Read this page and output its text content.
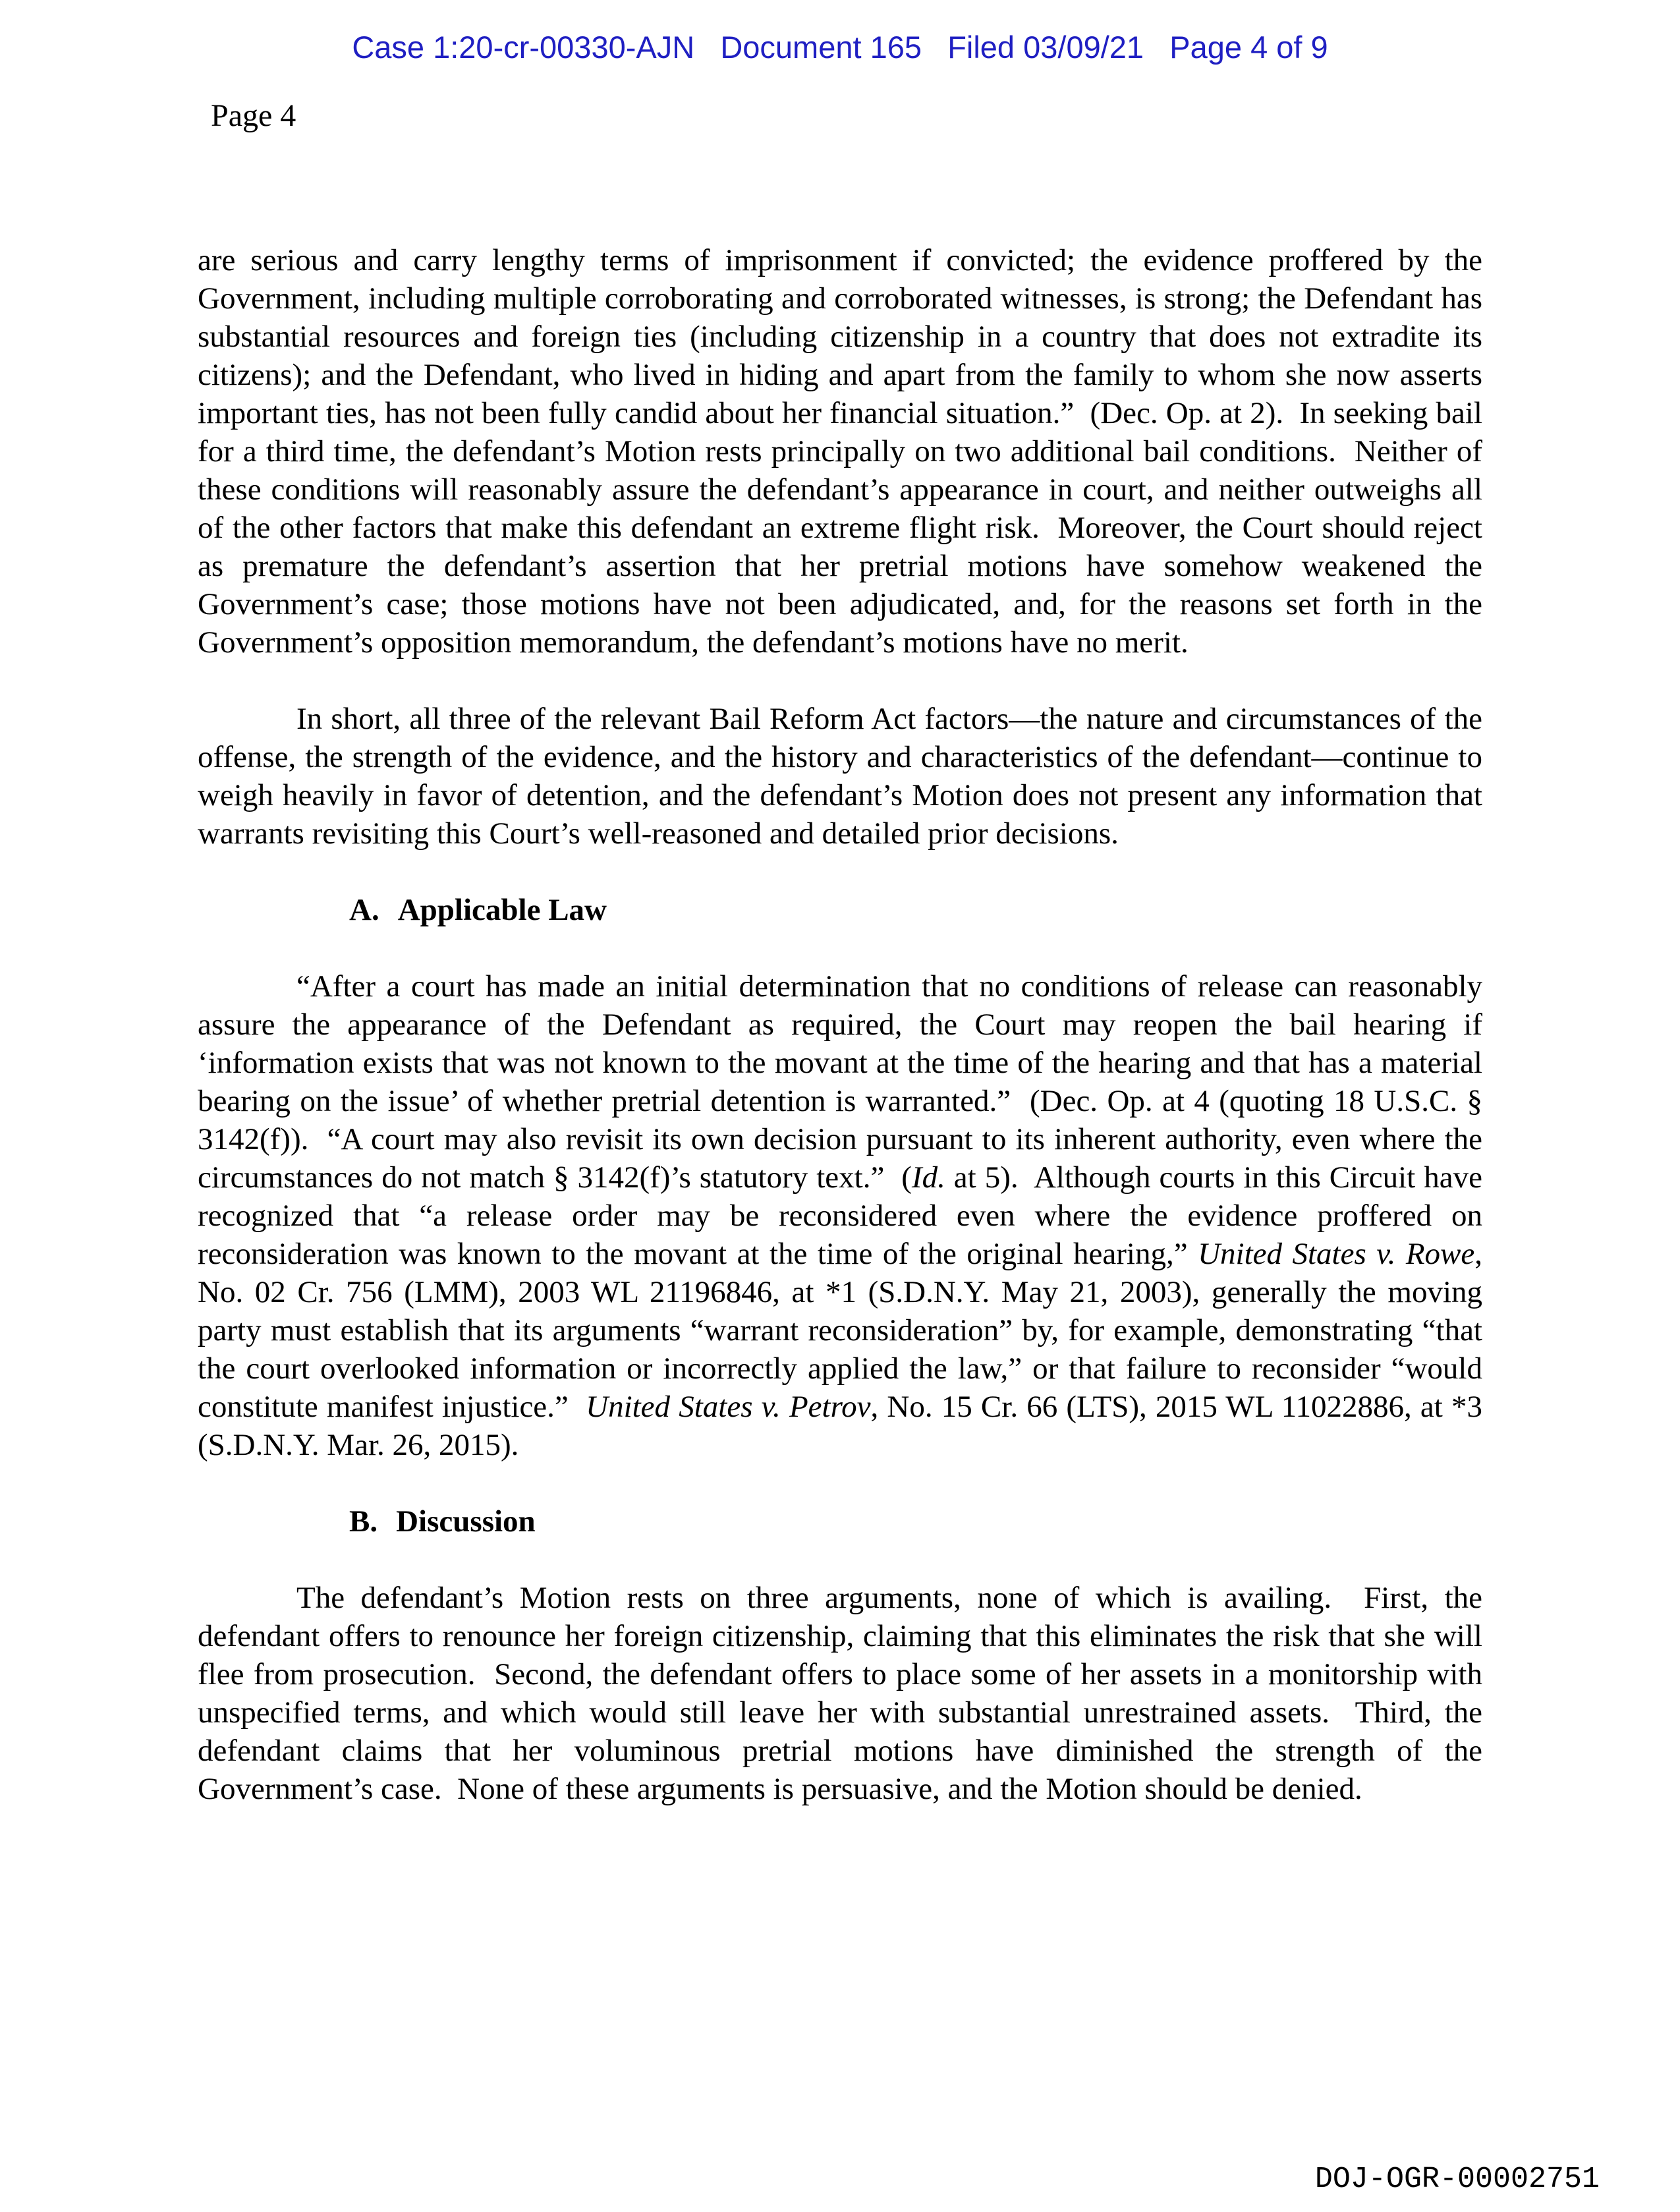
Case 1:20-cr-00330-AJN   Document 165   Filed 03/09/21   Page 4 of 9
Page 4

are serious and carry lengthy terms of imprisonment if convicted; the evidence proffered by the Government, including multiple corroborating and corroborated witnesses, is strong; the Defendant has substantial resources and foreign ties (including citizenship in a country that does not extradite its citizens); and the Defendant, who lived in hiding and apart from the family to whom she now asserts important ties, has not been fully candid about her financial situation.”  (Dec. Op. at 2).  In seeking bail for a third time, the defendant’s Motion rests principally on two additional bail conditions.  Neither of these conditions will reasonably assure the defendant’s appearance in court, and neither outweighs all of the other factors that make this defendant an extreme flight risk.  Moreover, the Court should reject as premature the defendant’s assertion that her pretrial motions have somehow weakened the Government’s case; those motions have not been adjudicated, and, for the reasons set forth in the Government’s opposition memorandum, the defendant’s motions have no merit.

In short, all three of the relevant Bail Reform Act factors—the nature and circumstances of the offense, the strength of the evidence, and the history and characteristics of the defendant—continue to weigh heavily in favor of detention, and the defendant’s Motion does not present any information that warrants revisiting this Court’s well-reasoned and detailed prior decisions.

A. Applicable Law

“After a court has made an initial determination that no conditions of release can reasonably assure the appearance of the Defendant as required, the Court may reopen the bail hearing if ‘information exists that was not known to the movant at the time of the hearing and that has a material bearing on the issue’ of whether pretrial detention is warranted.”  (Dec. Op. at 4 (quoting 18 U.S.C. § 3142(f)).  “A court may also revisit its own decision pursuant to its inherent authority, even where the circumstances do not match § 3142(f)’s statutory text.”  (Id. at 5).  Although courts in this Circuit have recognized that “a release order may be reconsidered even where the evidence proffered on reconsideration was known to the movant at the time of the original hearing,” United States v. Rowe, No. 02 Cr. 756 (LMM), 2003 WL 21196846, at *1 (S.D.N.Y. May 21, 2003), generally the moving party must establish that its arguments “warrant reconsideration” by, for example, demonstrating “that the court overlooked information or incorrectly applied the law,” or that failure to reconsider “would constitute manifest injustice.”  United States v. Petrov, No. 15 Cr. 66 (LTS), 2015 WL 11022886, at *3 (S.D.N.Y. Mar. 26, 2015).

B. Discussion

The defendant’s Motion rests on three arguments, none of which is availing.  First, the defendant offers to renounce her foreign citizenship, claiming that this eliminates the risk that she will flee from prosecution.  Second, the defendant offers to place some of her assets in a monitorship with unspecified terms, and which would still leave her with substantial unrestrained assets.  Third, the defendant claims that her voluminous pretrial motions have diminished the strength of the Government’s case.  None of these arguments is persuasive, and the Motion should be denied.

DOJ-OGR-00002751
